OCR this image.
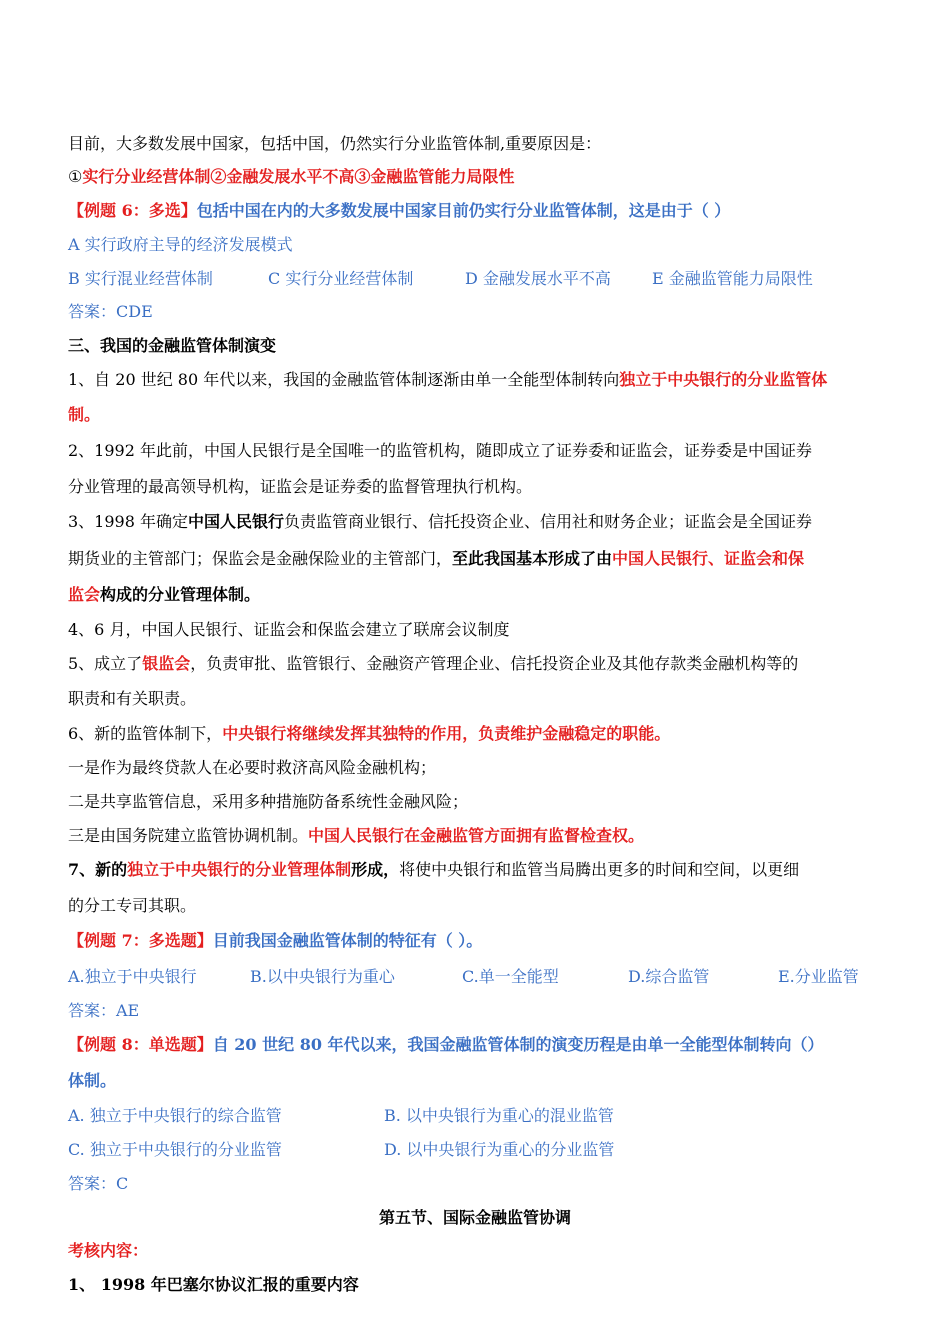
目前，大多数发展中国家，包括中国，仍然实行分业监管体制,重要原因是：
①实行分业经营体制②金融发展水平不高③金融监管能力局限性
【例题 6：多选】包括中国在内的大多数发展中国家目前仍实行分业监管体制，这是由于（ ）
A 实行政府主导的经济发展模式
B 实行混业经营体制	C 实行分业经营体制	D 金融发展水平不高	E 金融监管能力局限性
答案：CDE
三、我国的金融监管体制演变
1、自 20 世纪 80 年代以来，我国的金融监管体制逐渐由单一全能型体制转向独立于中央银行的分业监管体
制。
2、1992 年此前，中国人民银行是全国唯一的监管机构，随即成立了证券委和证监会，证券委是中国证券
分业管理的最高领导机构，证监会是证券委的监督管理执行机构。
3、1998 年确定中国人民银行负责监管商业银行、信托投资企业、信用社和财务企业；证监会是全国证券
期货业的主管部门；保监会是金融保险业的主管部门，至此我国基本形成了由中国人民银行、证监会和保
监会构成的分业管理体制。
4、6 月，中国人民银行、证监会和保监会建立了联席会议制度
5、成立了银监会，负责审批、监管银行、金融资产管理企业、信托投资企业及其他存款类金融机构等的
职责和有关职责。
6、新的监管体制下，中央银行将继续发挥其独特的作用，负责维护金融稳定的职能。
一是作为最终贷款人在必要时救济高风险金融机构；
二是共享监管信息，采用多种措施防备系统性金融风险；
三是由国务院建立监管协调机制。中国人民银行在金融监管方面拥有监督检查权。
7、新的独立于中央银行的分业管理体制形成，将使中央银行和监管当局腾出更多的时间和空间，以更细
的分工专司其职。
【例题 7：多选题】目前我国金融监管体制的特征有（ ）。
A.独立于中央银行	B.以中央银行为重心	C.单一全能型	D.综合监管	E.分业监管
答案：AE
【例题 8：单选题】自 20 世纪 80 年代以来，我国金融监管体制的演变历程是由单一全能型体制转向（）
体制。
A. 独立于中央银行的综合监管	B. 以中央银行为重心的混业监管
C. 独立于中央银行的分业监管	D. 以中央银行为重心的分业监管
答案：C
第五节、国际金融监管协调
考核内容：
1、 1998 年巴塞尔协议汇报的重要内容
